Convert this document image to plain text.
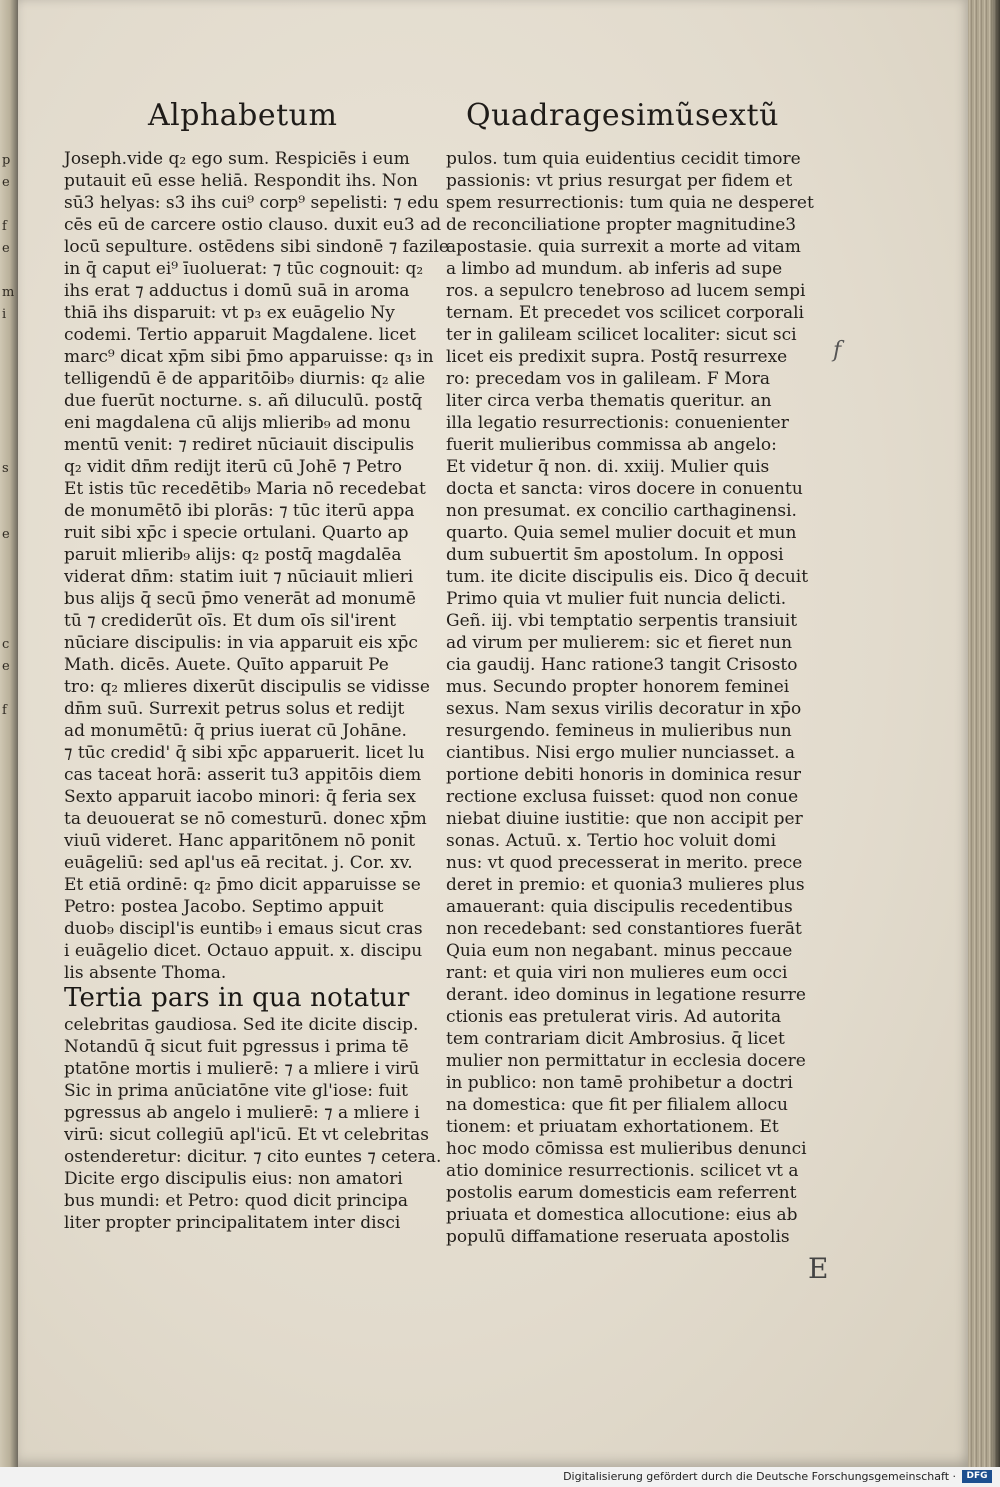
p
e

f
e

m
i

s

e

c
e

f

Alphabetum	Quadragesimũsextũ
Joseph.vide q₂ ego sum. Respiciēs i eum
putauit eū esse heliā. Respondit ihs. Non
sū3 helyas: s3 ihs cui⁹ corp⁹ sepelisti: ⁊ edu
cēs eū de carcere ostio clauso. duxit eu3 ad
locū sepulture. ostēdens sibi sindonē ⁊ fazile
in q̄ caput ei⁹ īuoluerat: ⁊ tūc cognouit: q₂
ihs erat ⁊ adductus i domū suā in aroma
thiā ihs disparuit: vt p₃ ex euāgelio Ny
codemi. Tertio apparuit Magdalene. licet
marc⁹ dicat xp̄m sibi p̄mo apparuisse: q₃ in
telligendū ē de apparitōib₉ diurnis: q₂ alie
due fuerūt nocturne. s. añ diluculū. postq̄
eni magdalena cū alijs mlierib₉ ad monu
mentū venit: ⁊ rediret nūciauit discipulis
q₂ vidit dn̄m redijt iterū cū Johē ⁊ Petro
Et istis tūc recedētib₉ Maria nō recedebat
de monumētō ibi plorās: ⁊ tūc iterū appa
ruit sibi xp̄c i specie ortulani. Quarto ap
paruit mlierib₉ alijs: q₂ postq̄ magdalēa
viderat dn̄m: statim iuit ⁊ nūciauit mlieri
bus alijs q̄ secū p̄mo venerāt ad monumē
tū ⁊ crediderūt oīs. Et dum oīs sil'irent
nūciare discipulis: in via apparuit eis xp̄c
Math. dicēs. Auete. Quīto apparuit Pe
tro: q₂ mlieres dixerūt discipulis se vidisse
dn̄m suū. Surrexit petrus solus et redijt
ad monumētū: q̄ prius iuerat cū Johāne.
⁊ tūc credid' q̄ sibi xp̄c apparuerit. licet lu
cas taceat horā: asserit tu3 appitōis diem
Sexto apparuit iacobo minori: q̄ feria sex
ta deuouerat se nō comesturū. donec xp̄m
viuū videret. Hanc apparitōnem nō ponit
euāgeliū: sed apl'us eā recitat. j. Cor. xv.
Et etiā ordinē: q₂ p̄mo dicit apparuisse se
Petro: postea Jacobo. Septimo appuit
duob₉ discipl'is euntib₉ i emaus sicut cras
i euāgelio dicet. Octauo appuit. x. discipu
lis absente Thoma.
Tertia pars in qua notatur
celebritas gaudiosa. Sed ite dicite discip.
Notandū q̄ sicut fuit pgressus i prima tē
ptatōne mortis i mulierē: ⁊ a mliere i virū
Sic in prima anūciatōne vite gl'iose: fuit
pgressus ab angelo i mulierē: ⁊ a mliere i
virū: sicut collegiū apl'icū. Et vt celebritas
ostenderetur: dicitur. ⁊ cito euntes ⁊ cetera.
Dicite ergo discipulis eius: non amatori
bus mundi: et Petro: quod dicit principa
liter propter principalitatem inter disci
pulos. tum quia euidentius cecidit timore
passionis: vt prius resurgat per fidem et
spem resurrectionis: tum quia ne desperet
de reconciliatione propter magnitudine3
apostasie. quia surrexit a morte ad vitam
a limbo ad mundum. ab inferis ad supe
ros. a sepulcro tenebroso ad lucem sempi
ternam. Et precedet vos scilicet corporali
ter in galileam scilicet localiter: sicut sci
licet eis predixit supra. Postq̄ resurrexe
ro: precedam vos in galileam. F Mora
liter circa verba thematis queritur. an
illa legatio resurrectionis: conuenienter
fuerit mulieribus commissa ab angelo:
Et videtur q̄ non. di. xxiij. Mulier quis
docta et sancta: viros docere in conuentu
non presumat. ex concilio carthaginensi.
quarto. Quia semel mulier docuit et mun
dum subuertit s̄m apostolum. In opposi
tum. ite dicite discipulis eis. Dico q̄ decuit
Primo quia vt mulier fuit nuncia delicti.
Geñ. iij. vbi temptatio serpentis transiuit
ad virum per mulierem: sic et fieret nun
cia gaudij. Hanc ratione3 tangit Crisosto
mus. Secundo propter honorem feminei
sexus. Nam sexus virilis decoratur in xp̄o
resurgendo. femineus in mulieribus nun
ciantibus. Nisi ergo mulier nunciasset. a
portione debiti honoris in dominica resur
rectione exclusa fuisset: quod non conue
niebat diuine iustitie: que non accipit per
sonas. Actuū. x. Tertio hoc voluit domi
nus: vt quod precesserat in merito. prece
deret in premio: et quonia3 mulieres plus
amauerant: quia discipulis recedentibus
non recedebant: sed constantiores fuerāt
Quia eum non negabant. minus peccaue
rant: et quia viri non mulieres eum occi
derant. ideo dominus in legatione resurre
ctionis eas pretulerat viris. Ad autorita
tem contrariam dicit Ambrosius. q̄ licet
mulier non permittatur in ecclesia docere
in publico: non tamē prohibetur a doctri
na domestica: que fit per filialem allocu
tionem: et priuatam exhortationem. Et
hoc modo cōmissa est mulieribus denunci
atio dominice resurrectionis. scilicet vt a
postolis earum domesticis eam referrent
priuata et domestica allocutione: eius ab
populū diffamatione reseruata apostolis
f
E
Digitalisierung gefördert durch die Deutsche Forschungsgemeinschaft ·	DFG
